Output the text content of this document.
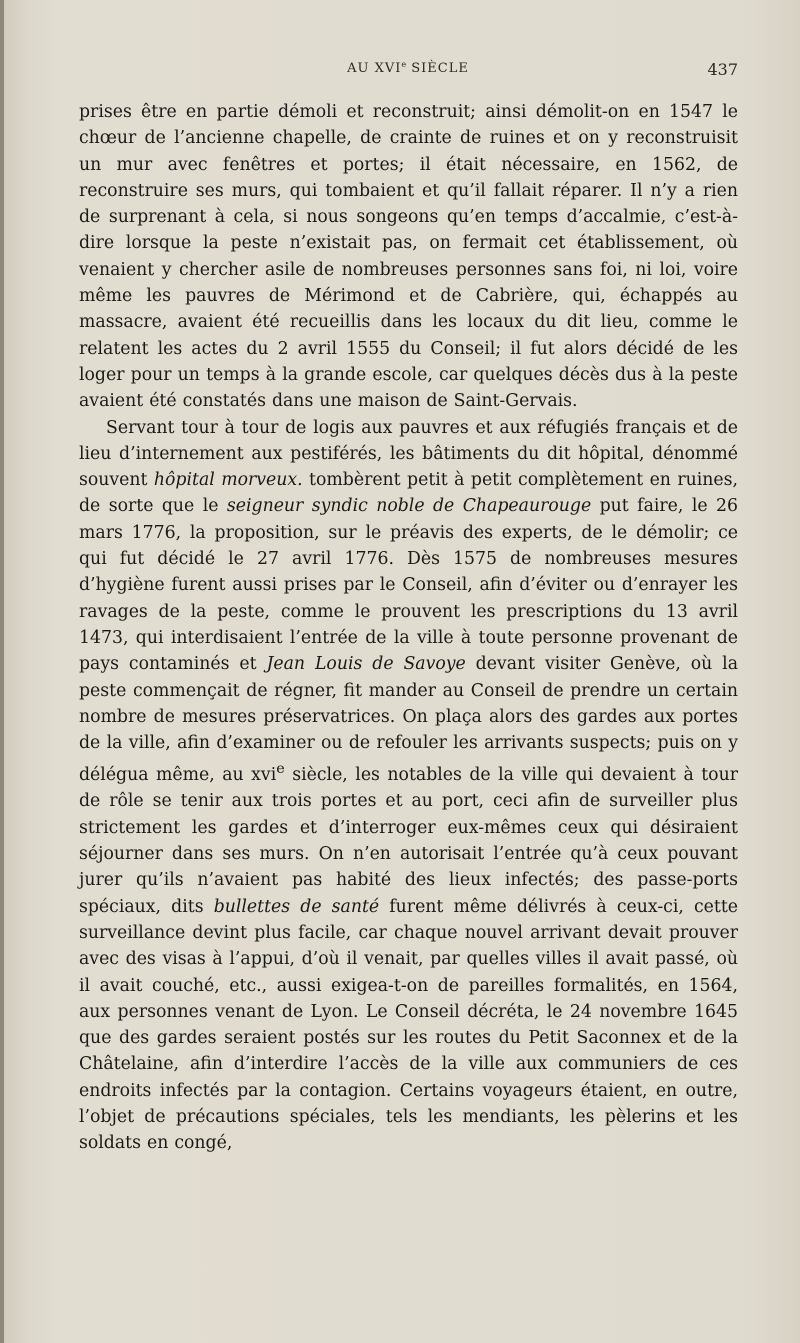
AU XVIe SIÈCLE	437

prises être en partie démoli et reconstruit; ainsi démolit-on en 1547 le chœur de l’ancienne chapelle, de crainte de ruines et on y reconstruisit un mur avec fenêtres et portes; il était nécessaire, en 1562, de reconstruire ses murs, qui tombaient et qu’il fallait réparer. Il n’y a rien de surprenant à cela, si nous songeons qu’en temps d’accalmie, c’est-à-dire lorsque la peste n’existait pas, on fermait cet établissement, où venaient y chercher asile de nombreuses personnes sans foi, ni loi, voire même les pauvres de Mérimond et de Cabrière, qui, échappés au massacre, avaient été recueillis dans les locaux du dit lieu, comme le relatent les actes du 2 avril 1555 du Conseil; il fut alors décidé de les loger pour un temps à la grande escole, car quelques décès dus à la peste avaient été constatés dans une maison de Saint-Gervais.

Servant tour à tour de logis aux pauvres et aux réfugiés français et de lieu d’internement aux pestiférés, les bâtiments du dit hôpital, dénommé souvent hôpital morveux. tombèrent petit à petit complètement en ruines, de sorte que le seigneur syndic noble de Chapeaurouge put faire, le 26 mars 1776, la proposition, sur le préavis des experts, de le démolir; ce qui fut décidé le 27 avril 1776. Dès 1575 de nombreuses mesures d’hygiène furent aussi prises par le Conseil, afin d’éviter ou d’enrayer les ravages de la peste, comme le prouvent les prescriptions du 13 avril 1473, qui interdisaient l’entrée de la ville à toute personne provenant de pays contaminés et Jean Louis de Savoye devant visiter Genève, où la peste commençait de régner, fit mander au Conseil de prendre un certain nombre de mesures préservatrices. On plaça alors des gardes aux portes de la ville, afin d’examiner ou de refouler les arrivants suspects; puis on y délégua même, au xvi$^e$ siècle, les notables de la ville qui devaient à tour de rôle se tenir aux trois portes et au port, ceci afin de surveiller plus strictement les gardes et d’interroger eux-mêmes ceux qui désiraient séjourner dans ses murs. On n’en autorisait l’entrée qu’à ceux pouvant jurer qu’ils n’avaient pas habité des lieux infectés; des passe-ports spéciaux, dits bullettes de santé furent même délivrés à ceux-ci, cette surveillance devint plus facile, car chaque nouvel arrivant devait prouver avec des visas à l’appui, d’où il venait, par quelles villes il avait passé, où il avait couché, etc., aussi exigea-t-on de pareilles formalités, en 1564, aux personnes venant de Lyon. Le Conseil décréta, le 24 novembre 1645 que des gardes seraient postés sur les routes du Petit Saconnex et de la Châtelaine, afin d’interdire l’accès de la ville aux communiers de ces endroits infectés par la contagion. Certains voyageurs étaient, en outre, l’objet de précautions spéciales, tels les mendiants, les pèlerins et les soldats en congé,
